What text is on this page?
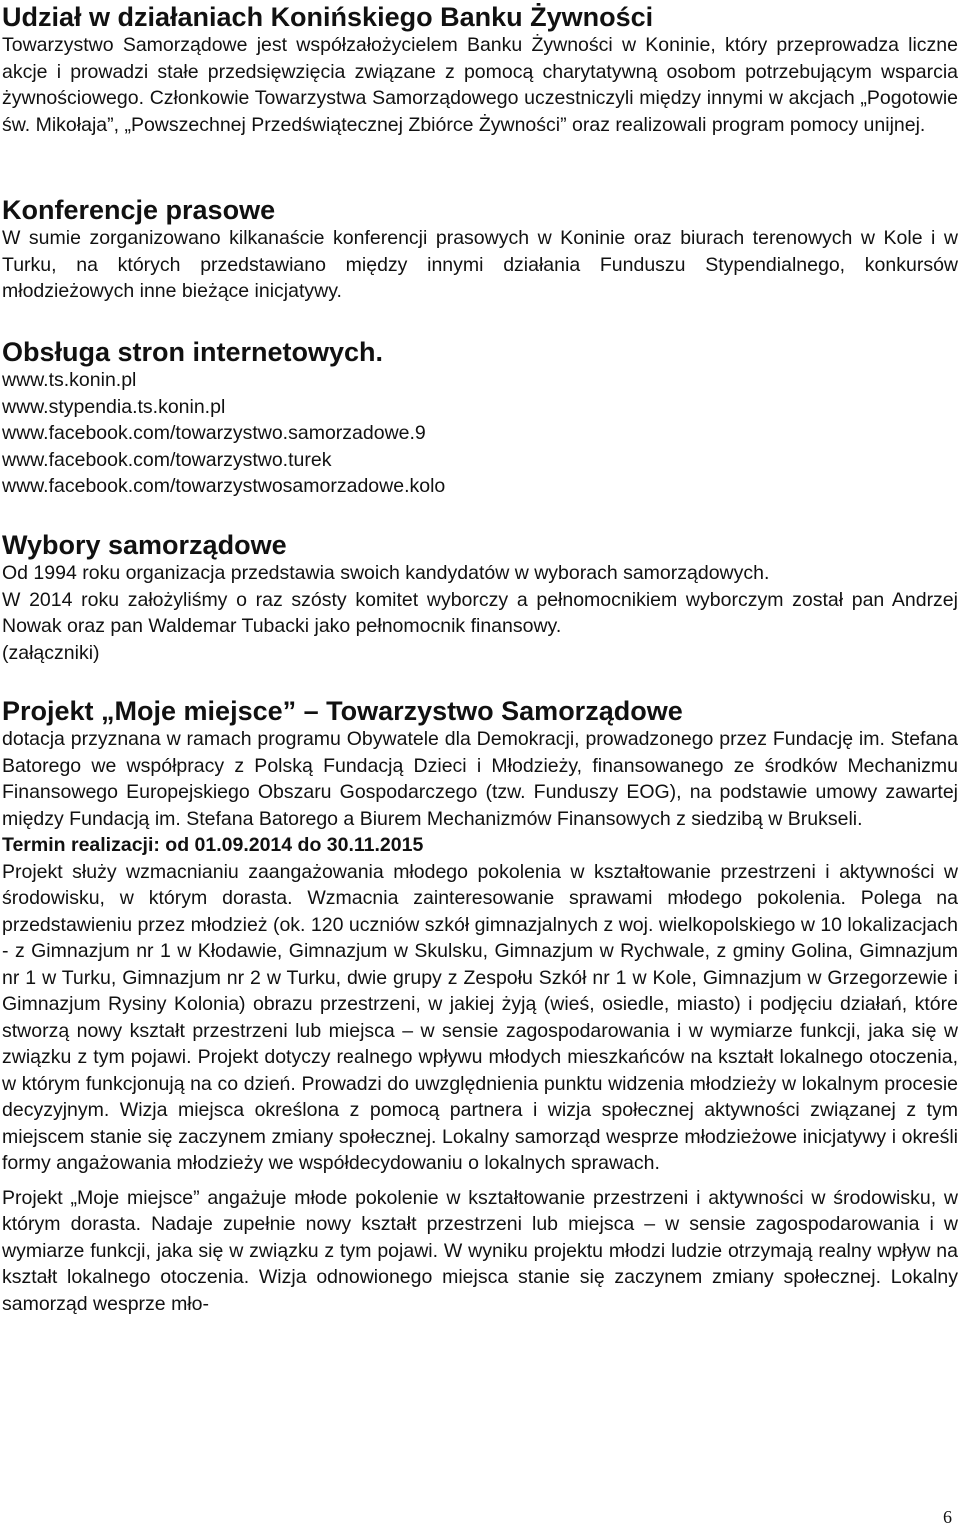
Udział w działaniach Konińskiego Banku Żywności

Towarzystwo Samorządowe jest współzałożycielem Banku Żywności w Koninie, który przeprowadza liczne akcje i prowadzi stałe przedsięwzięcia związane z pomocą charytatywną osobom potrzebującym wsparcia żywnościowego. Członkowie Towarzystwa Samorządowego uczestniczyli między innymi w akcjach „Pogotowie św. Mikołaja”, „Powszechnej Przedświątecznej Zbiórce Żywności” oraz realizowali program pomocy unijnej.

Konferencje prasowe

W sumie zorganizowano kilkanaście konferencji prasowych w Koninie oraz biurach terenowych w Kole i w Turku, na których przedstawiano między innymi działania Funduszu Stypendialnego, konkursów młodzieżowych inne bieżące inicjatywy.

Obsługa stron internetowych.

www.ts.konin.pl

www.stypendia.ts.konin.pl

www.facebook.com/towarzystwo.samorzadowe.9

www.facebook.com/towarzystwo.turek

www.facebook.com/towarzystwosamorzadowe.kolo

Wybory samorządowe

Od 1994 roku organizacja przedstawia swoich kandydatów w wyborach samorządowych.

W 2014 roku założyliśmy o raz szósty komitet wyborczy a pełnomocnikiem wyborczym został pan Andrzej Nowak oraz pan Waldemar Tubacki jako pełnomocnik finansowy.

(załączniki)

Projekt „Moje miejsce” – Towarzystwo Samorządowe

dotacja przyznana w ramach programu Obywatele dla Demokracji, prowadzonego przez Fundację im. Stefana Batorego we współpracy z Polską Fundacją Dzieci i Młodzieży, finansowanego ze środków Mechanizmu Finansowego Europejskiego Obszaru Gospodarczego (tzw. Funduszy EOG), na podstawie umowy zawartej między Fundacją im. Stefana Batorego a Biurem Mechanizmów Finansowych z siedzibą w Brukseli.

Termin realizacji: od 01.09.2014 do 30.11.2015

Projekt służy wzmacnianiu zaangażowania młodego pokolenia w kształtowanie przestrzeni i aktywności w środowisku, w którym dorasta. Wzmacnia zainteresowanie sprawami młodego pokolenia. Polega na przedstawieniu przez młodzież (ok. 120 uczniów szkół gimnazjalnych z woj. wielkopolskiego w 10 lokalizacjach - z Gimnazjum nr 1 w Kłodawie, Gimnazjum w Skulsku, Gimnazjum w Rychwale, z gminy Golina, Gimnazjum nr 1 w Turku, Gimnazjum nr 2 w Turku, dwie grupy z Zespołu Szkół nr 1 w Kole, Gimnazjum w Grzegorzewie i Gimnazjum Rysiny Kolonia) obrazu przestrzeni, w jakiej żyją (wieś, osiedle, miasto) i podjęciu działań, które stworzą nowy kształt przestrzeni lub miejsca – w sensie zagospodarowania i w wymiarze funkcji, jaka się w związku z tym pojawi. Projekt dotyczy realnego wpływu młodych mieszkańców na kształt lokalnego otoczenia, w którym funkcjonują na co dzień. Prowadzi do uwzględnienia punktu widzenia młodzieży w lokalnym procesie decyzyjnym. Wizja miejsca określona z pomocą partnera i wizja społecznej aktywności związanej z tym miejscem stanie się zaczynem zmiany społecznej. Lokalny samorząd wesprze młodzieżowe inicjatywy i określi formy angażowania młodzieży we współdecydowaniu o lokalnych sprawach.

Projekt „Moje miejsce” angażuje młode pokolenie w kształtowanie przestrzeni i aktywności w środowisku, w którym dorasta. Nadaje zupełnie nowy kształt przestrzeni lub miejsca – w sensie zagospodarowania i w wymiarze funkcji, jaka się w związku z tym pojawi. W wyniku projektu młodzi ludzie otrzymają realny wpływ na kształt lokalnego otoczenia. Wizja odnowionego miejsca stanie się zaczynem zmiany społecznej. Lokalny samorząd wesprze mło-

6
